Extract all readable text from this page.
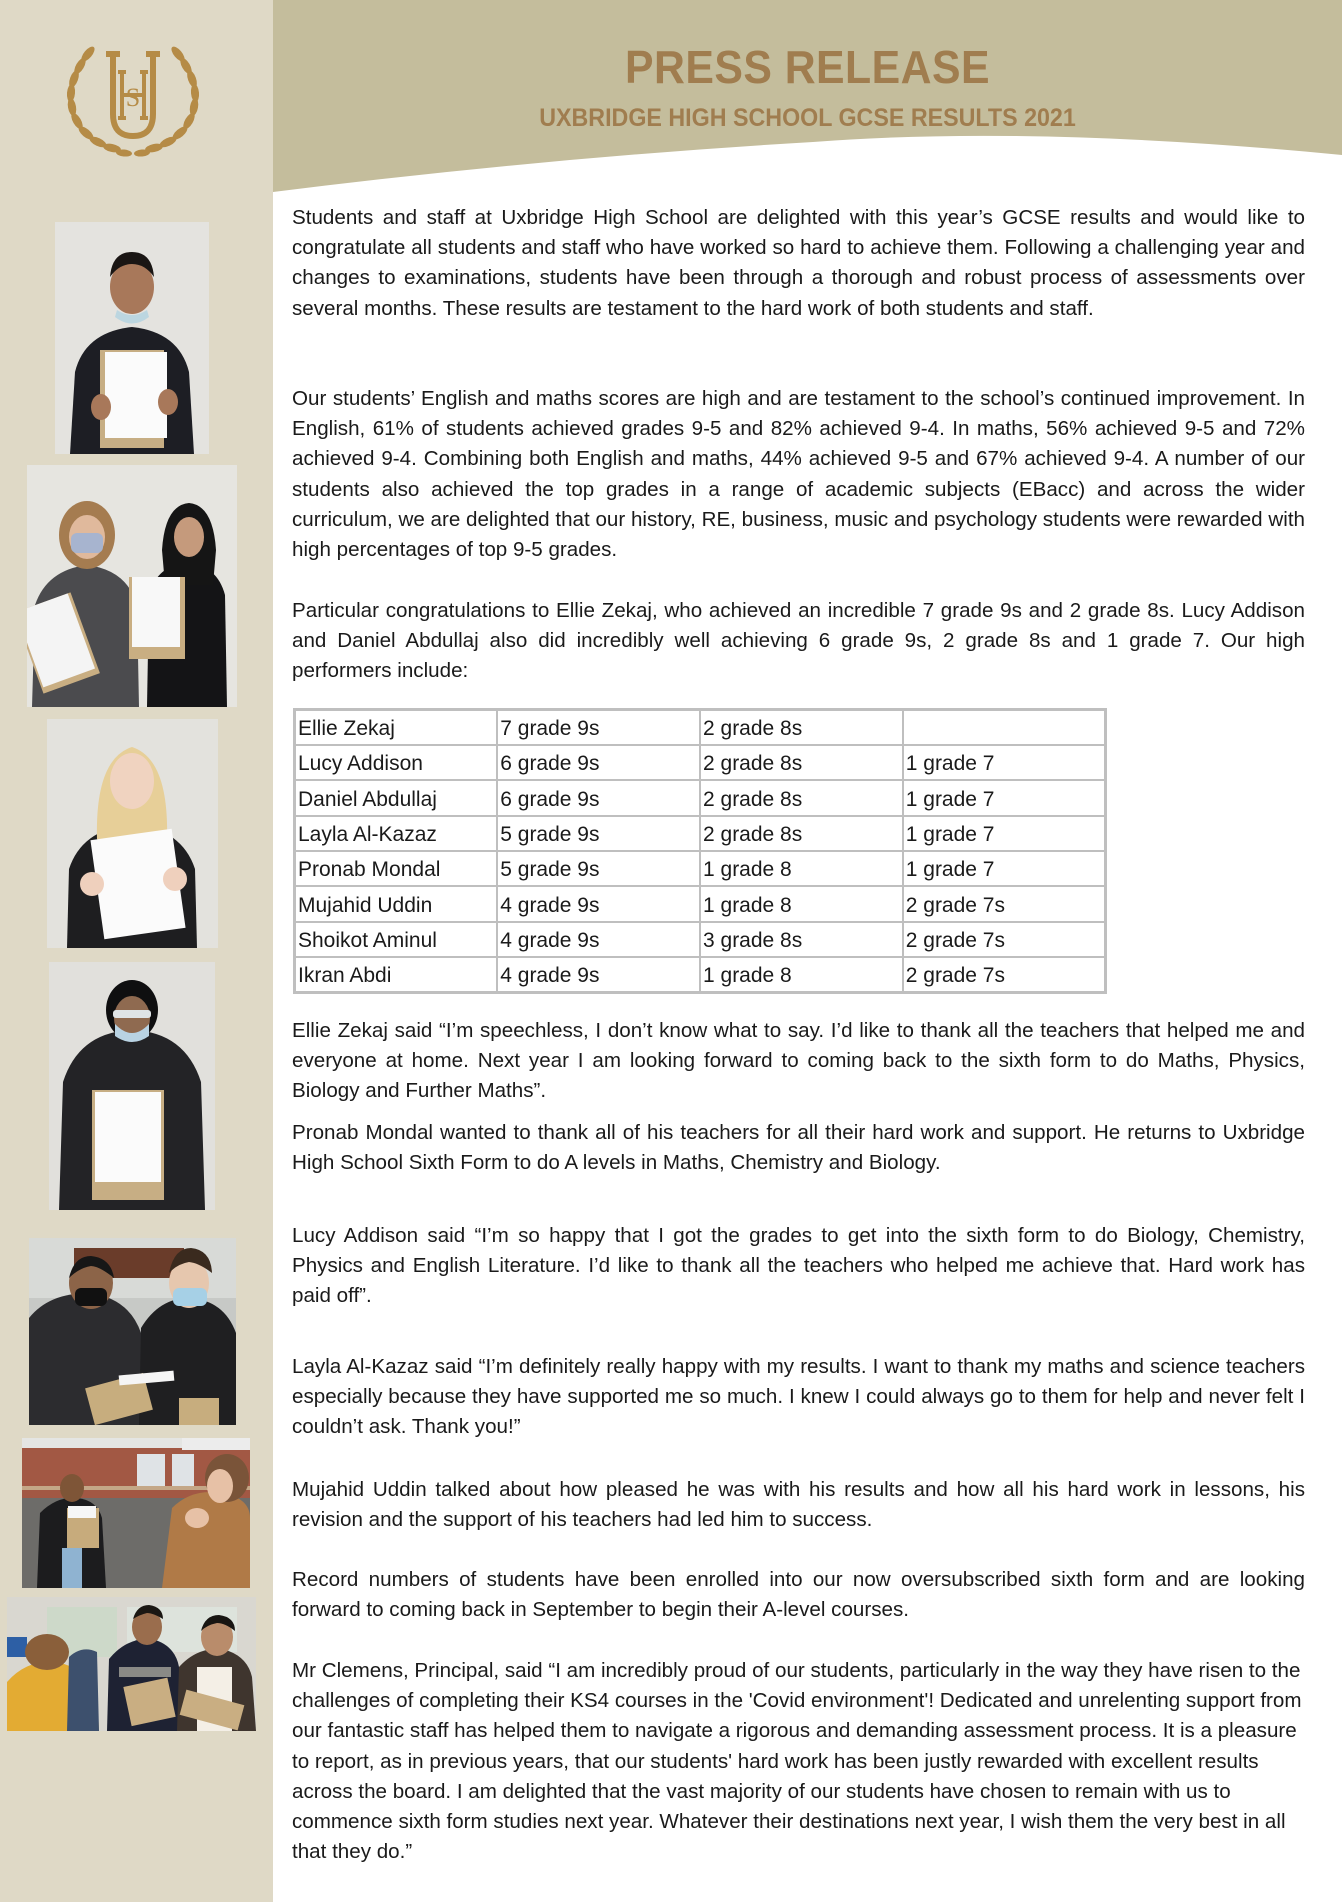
S
PRESS RELEASE
UXBRIDGE HIGH SCHOOL GCSE RESULTS 2021

Students and staff at Uxbridge High School are delighted with this year’s GCSE results and would like to congratulate all students and staff who have worked so hard to achieve them. Following a challenging year and changes to examinations, students have been through a thorough and robust process of assessments over several months. These results are testament to the hard work of both students and staff.

Our students’ English and maths scores are high and are testament to the school’s continued improvement. In English, 61% of students achieved grades 9-5 and 82% achieved 9-4. In maths, 56% achieved 9-5 and 72% achieved 9-4. Combining both English and maths, 44% achieved 9-5 and 67% achieved 9-4. A number of our students also achieved the top grades in a range of academic subjects (EBacc) and across the wider curriculum, we are delighted that our history, RE, business, music and psychology students were rewarded with high percentages of top 9-5 grades.

Particular congratulations to Ellie Zekaj, who achieved an incredible 7 grade 9s and 2 grade 8s. Lucy Addison and Daniel Abdullaj also did incredibly well achieving 6 grade 9s, 2 grade 8s and 1 grade 7. Our high performers include:

Ellie Zekaj	7 grade 9s	2 grade 8s	
Lucy Addison	6 grade 9s	2 grade 8s	1 grade 7
Daniel Abdullaj	6 grade 9s	2 grade 8s	1 grade 7
Layla Al-Kazaz	5 grade 9s	2 grade 8s	1 grade 7
Pronab Mondal	5 grade 9s	1 grade 8	1 grade 7
Mujahid Uddin	4 grade 9s	1 grade 8	2 grade 7s
Shoikot Aminul	4 grade 9s	3 grade 8s	2 grade 7s
Ikran Abdi	4 grade 9s	1 grade 8	2 grade 7s

Ellie Zekaj said “I’m speechless, I don’t know what to say. I’d like to thank all the teachers that helped me and everyone at home. Next year I am looking forward to coming back to the sixth form to do Maths, Physics, Biology and Further Maths”.

Pronab Mondal wanted to thank all of his teachers for all their hard work and support. He returns to Uxbridge High School Sixth Form to do A levels in Maths, Chemistry and Biology.

Lucy Addison said “I’m so happy that I got the grades to get into the sixth form to do Biology, Chemistry, Physics and English Literature. I’d like to thank all the teachers who helped me achieve that. Hard work has paid off”.

Layla Al-Kazaz said “I’m definitely really happy with my results. I want to thank my maths and science teachers especially because they have supported me so much. I knew I could always go to them for help and never felt I couldn’t ask. Thank you!”

Mujahid Uddin talked about how pleased he was with his results and how all his hard work in lessons, his revision and the support of his teachers had led him to success.

Record numbers of students have been enrolled into our now oversubscribed sixth form and are looking forward to coming back in September to begin their A-level courses.

Mr Clemens, Principal, said “I am incredibly proud of our students, particularly in the way they have risen to the challenges of completing their KS4 courses in the 'Covid environment'! Dedicated and unrelenting support from our fantastic staff has helped them to navigate a rigorous and demanding assessment process. It is a pleasure to report, as in previous years, that our students' hard work has been justly rewarded with excellent results across the board. I am delighted that the vast majority of our students have chosen to remain with us to commence sixth form studies next year. Whatever their destinations next year, I wish them the very best in all that they do.”
